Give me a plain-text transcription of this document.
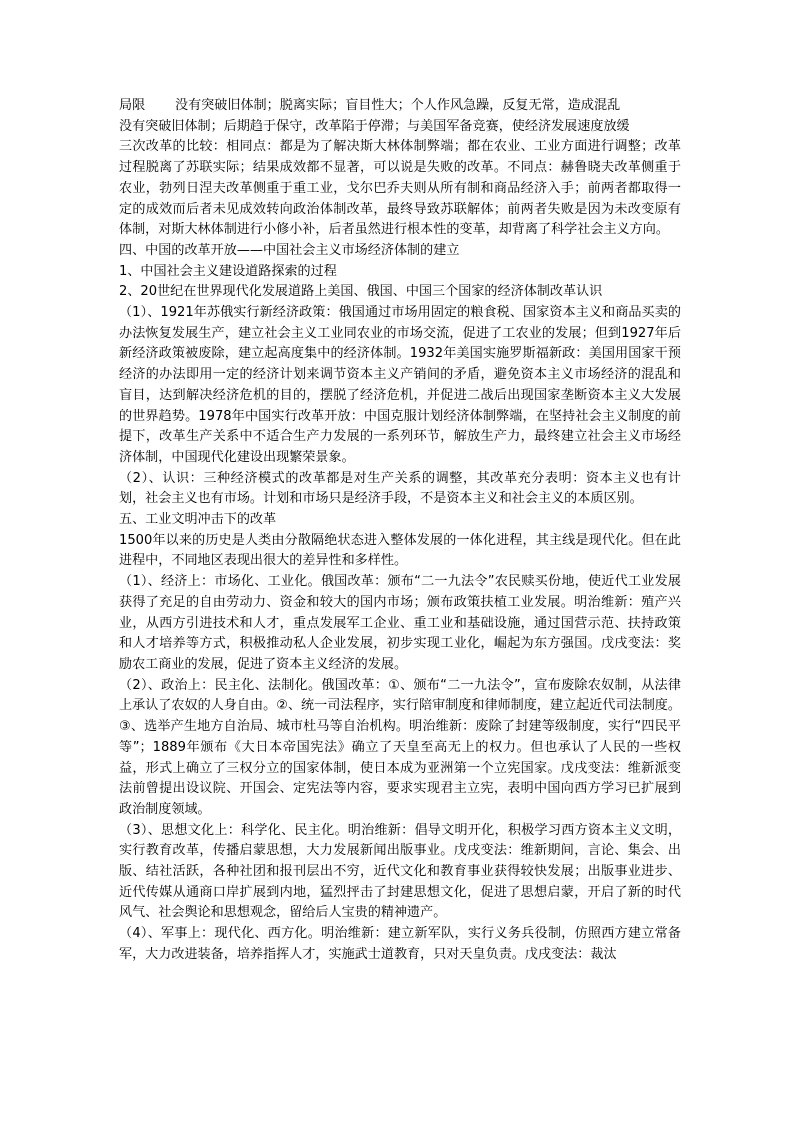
局限 没有突破旧体制；脱离实际；盲目性大；个人作风急躁，反复无常，造成混乱

没有突破旧体制；后期趋于保守，改革陷于停滞；与美国军备竞赛，使经济发展速度放缓

三次改革的比较：相同点：都是为了解决斯大林体制弊端；都在农业、工业方面进行调整；改革过程脱离了苏联实际；结果成效都不显著，可以说是失败的改革。不同点：赫鲁晓夫改革侧重于农业，勃列日涅夫改革侧重于重工业，戈尔巴乔夫则从所有制和商品经济入手；前两者都取得一定的成效而后者未见成效转向政治体制改革，最终导致苏联解体；前两者失败是因为未改变原有体制，对斯大林体制进行小修小补，后者虽然进行根本性的变革，却背离了科学社会主义方向。

四、中国的改革开放——中国社会主义市场经济体制的建立

1、中国社会主义建设道路探索的过程

2、20世纪在世界现代化发展道路上美国、俄国、中国三个国家的经济体制改革认识

（1）、1921年苏俄实行新经济政策：俄国通过市场用固定的粮食税、国家资本主义和商品买卖的办法恢复发展生产，建立社会主义工业同农业的市场交流，促进了工农业的发展；但到1927年后新经济政策被废除，建立起高度集中的经济体制。1932年美国实施罗斯福新政：美国用国家干预经济的办法即用一定的经济计划来调节资本主义产销间的矛盾，避免资本主义市场经济的混乱和盲目，达到解决经济危机的目的，摆脱了经济危机，并促进二战后出现国家垄断资本主义大发展的世界趋势。1978年中国实行改革开放：中国克服计划经济体制弊端，在坚持社会主义制度的前提下，改革生产关系中不适合生产力发展的一系列环节，解放生产力，最终建立社会主义市场经济体制，中国现代化建设出现繁荣景象。

（2）、认识：三种经济模式的改革都是对生产关系的调整，其改革充分表明：资本主义也有计划，社会主义也有市场。计划和市场只是经济手段，不是资本主义和社会主义的本质区别。

五、工业文明冲击下的改革

1500年以来的历史是人类由分散隔绝状态进入整体发展的一体化进程，其主线是现代化。但在此进程中，不同地区表现出很大的差异性和多样性。

（1）、经济上：市场化、工业化。俄国改革：颁布“二一九法令”农民赎买份地，使近代工业发展获得了充足的自由劳动力、资金和较大的国内市场；颁布政策扶植工业发展。明治维新：殖产兴业，从西方引进技术和人才，重点发展军工企业、重工业和基础设施，通过国营示范、扶持政策和人才培养等方式，积极推动私人企业发展，初步实现工业化，崛起为东方强国。戊戌变法：奖励农工商业的发展，促进了资本主义经济的发展。

（2）、政治上：民主化、法制化。俄国改革：①、颁布“二一九法令”，宣布废除农奴制，从法律上承认了农奴的人身自由。②、统一司法程序，实行陪审制度和律师制度，建立起近代司法制度。③、选举产生地方自治局、城市杜马等自治机构。明治维新：废除了封建等级制度，实行“四民平等”；1889年颁布《大日本帝国宪法》确立了天皇至高无上的权力。但也承认了人民的一些权益，形式上确立了三权分立的国家体制，使日本成为亚洲第一个立宪国家。戊戌变法：维新派变法前曾提出设议院、开国会、定宪法等内容，要求实现君主立宪，表明中国向西方学习已扩展到政治制度领域。

（3）、思想文化上：科学化、民主化。明治维新：倡导文明开化，积极学习西方资本主义文明，实行教育改革，传播启蒙思想，大力发展新闻出版事业。戊戌变法：维新期间，言论、集会、出版、结社活跃，各种社团和报刊层出不穷，近代文化和教育事业获得较快发展；出版事业进步、近代传媒从通商口岸扩展到内地，猛烈抨击了封建思想文化，促进了思想启蒙，开启了新的时代风气、社会舆论和思想观念，留给后人宝贵的精神遗产。

（4）、军事上：现代化、西方化。明治维新：建立新军队，实行义务兵役制，仿照西方建立常备军，大力改进装备，培养指挥人才，实施武士道教育，只对天皇负责。戊戌变法：裁汰
